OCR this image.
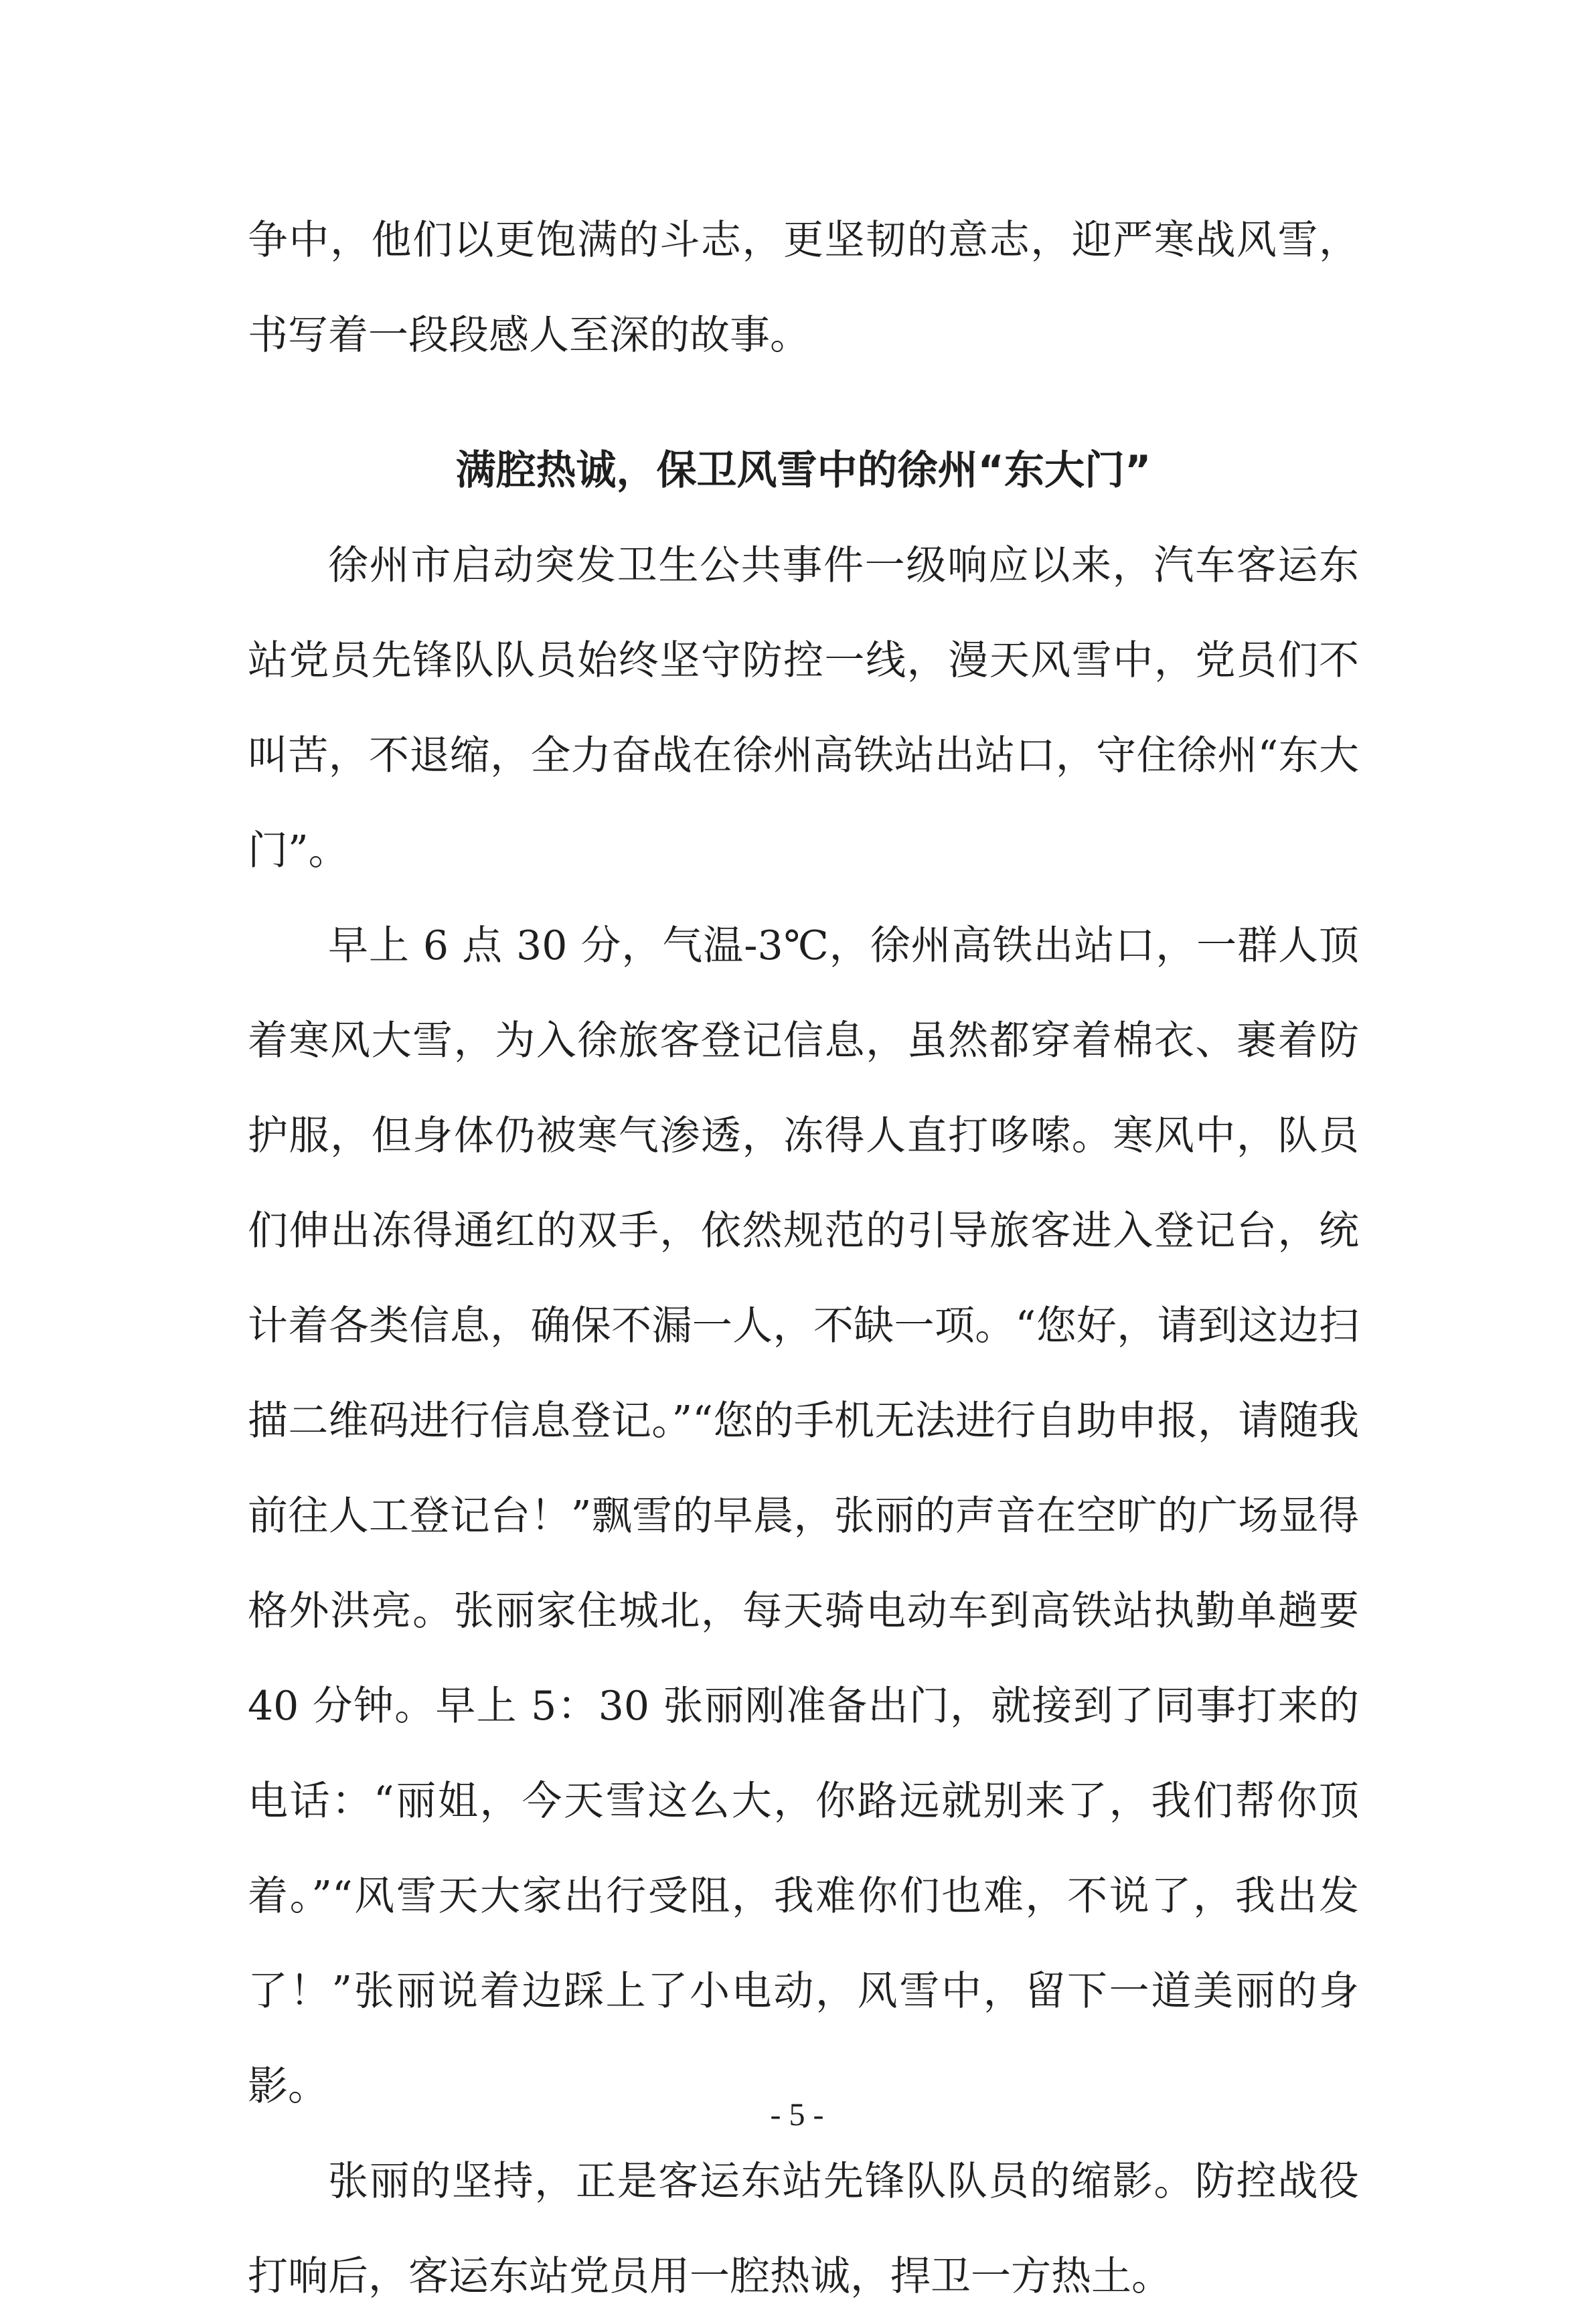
争中，他们以更饱满的斗志，更坚韧的意志，迎严寒战风雪，书写着一段段感人至深的故事。

满腔热诚，保卫风雪中的徐州“东大门”

徐州市启动突发卫生公共事件一级响应以来，汽车客运东站党员先锋队队员始终坚守防控一线，漫天风雪中，党员们不叫苦，不退缩，全力奋战在徐州高铁站出站口，守住徐州“东大门”。

早上 6 点 30 分，气温-3℃，徐州高铁出站口，一群人顶着寒风大雪，为入徐旅客登记信息，虽然都穿着棉衣、裹着防护服，但身体仍被寒气渗透，冻得人直打哆嗦。寒风中，队员们伸出冻得通红的双手，依然规范的引导旅客进入登记台，统计着各类信息，确保不漏一人，不缺一项。“您好，请到这边扫描二维码进行信息登记。”“您的手机无法进行自助申报，请随我前往人工登记台！”飘雪的早晨，张丽的声音在空旷的广场显得格外洪亮。张丽家住城北，每天骑电动车到高铁站执勤单趟要 40 分钟。早上 5：30 张丽刚准备出门，就接到了同事打来的电话：“丽姐，今天雪这么大，你路远就别来了，我们帮你顶着。”“风雪天大家出行受阻，我难你们也难，不说了，我出发了！”张丽说着边踩上了小电动，风雪中，留下一道美丽的身影。

张丽的坚持，正是客运东站先锋队队员的缩影。防控战役打响后，客运东站党员用一腔热诚，捍卫一方热土。

- 5 -
